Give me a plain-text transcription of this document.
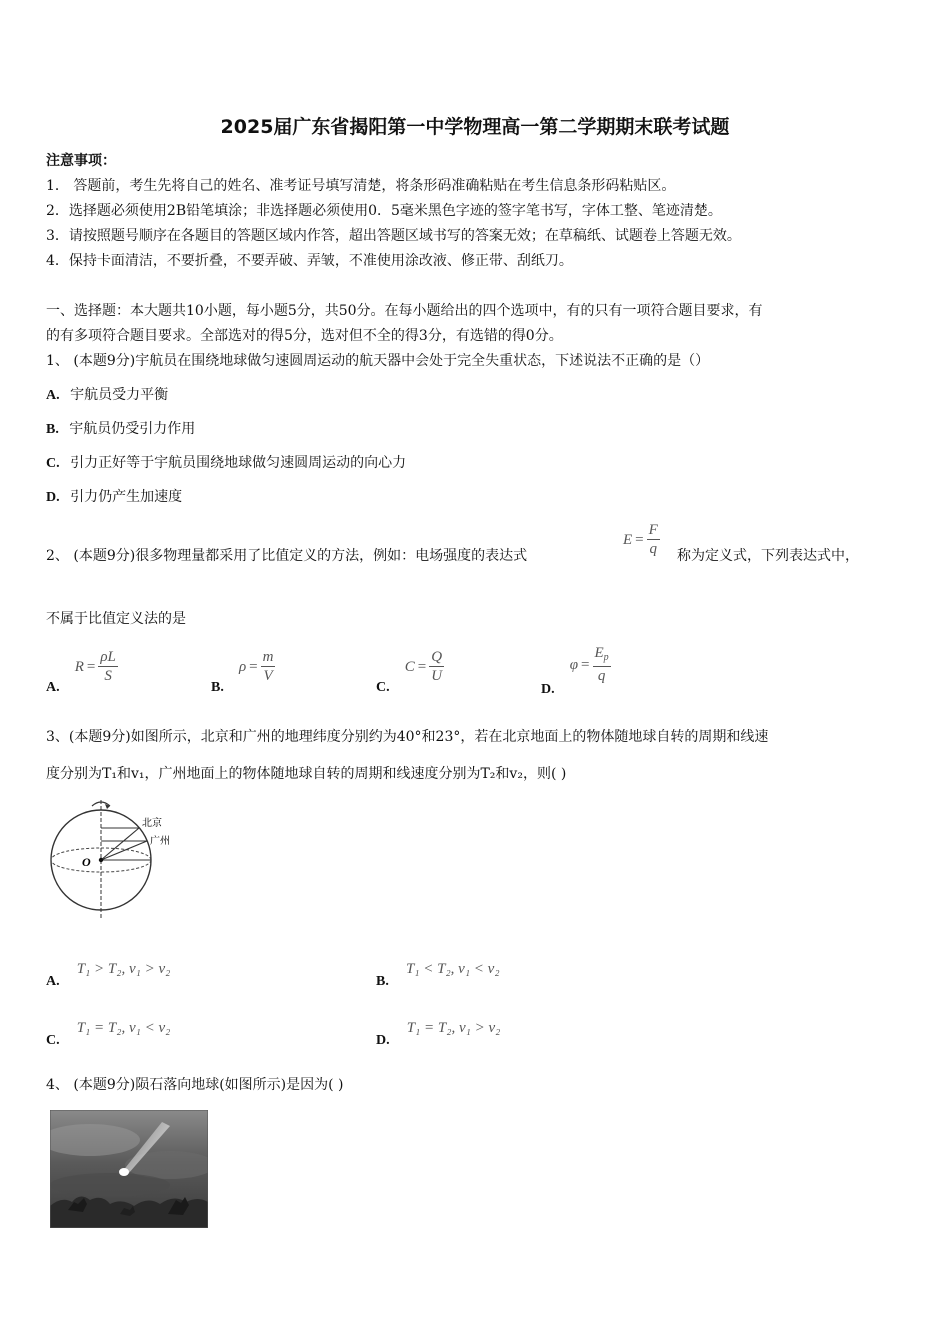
2025届广东省揭阳第一中学物理高一第二学期期末联考试题
注意事项：
1． 答题前，考生先将自己的姓名、准考证号填写清楚，将条形码准确粘贴在考生信息条形码粘贴区。
2．选择题必须使用2B铅笔填涂；非选择题必须使用0．5毫米黑色字迹的签字笔书写，字体工整、笔迹清楚。
3．请按照题号顺序在各题目的答题区域内作答，超出答题区域书写的答案无效；在草稿纸、试题卷上答题无效。
4．保持卡面清洁，不要折叠，不要弄破、弄皱，不准使用涂改液、修正带、刮纸刀。
一、选择题：本大题共10小题，每小题5分，共50分。在每小题给出的四个选项中，有的只有一项符合题目要求，有
的有多项符合题目要求。全部选对的得5分，选对但不全的得3分，有选错的得0分。
1、 (本题9分)宇航员在围绕地球做匀速圆周运动的航天器中会处于完全失重状态，下述说法不正确的是（）
A. 宇航员受力平衡
B. 宇航员仍受引力作用
C. 引力正好等于宇航员围绕地球做匀速圆周运动的向心力
D. 引力仍产生加速度
2、 (本题9分)很多物理量都采用了比值定义的方法，例如：电场强度的表达式
$E = \frac{F}{q}$ 称为定义式，下列表达式中，
不属于比值定义法的是
A.
$R = \frac{\rho L}{S}$
B.
$\rho = \frac{m}{V}$
C.
$C = \frac{Q}{U}$
D.
$\varphi = \frac{E_p}{q}$
3、(本题9分)如图所示，北京和广州的地理纬度分别约为40°和23°，若在北京地面上的物体随地球自转的周期和线速
度分别为T₁和v₁，广州地面上的物体随地球自转的周期和线速度分别为T₂和v₂，则( )
O
北京
广州
A. T₁ > T₂, v₁ > v₂
B. T₁ < T₂, v₁ < v₂
C. T₁ = T₂, v₁ < v₂
D. T₁ = T₂, v₁ > v₂
4、 (本题9分)陨石落向地球(如图所示)是因为( )
